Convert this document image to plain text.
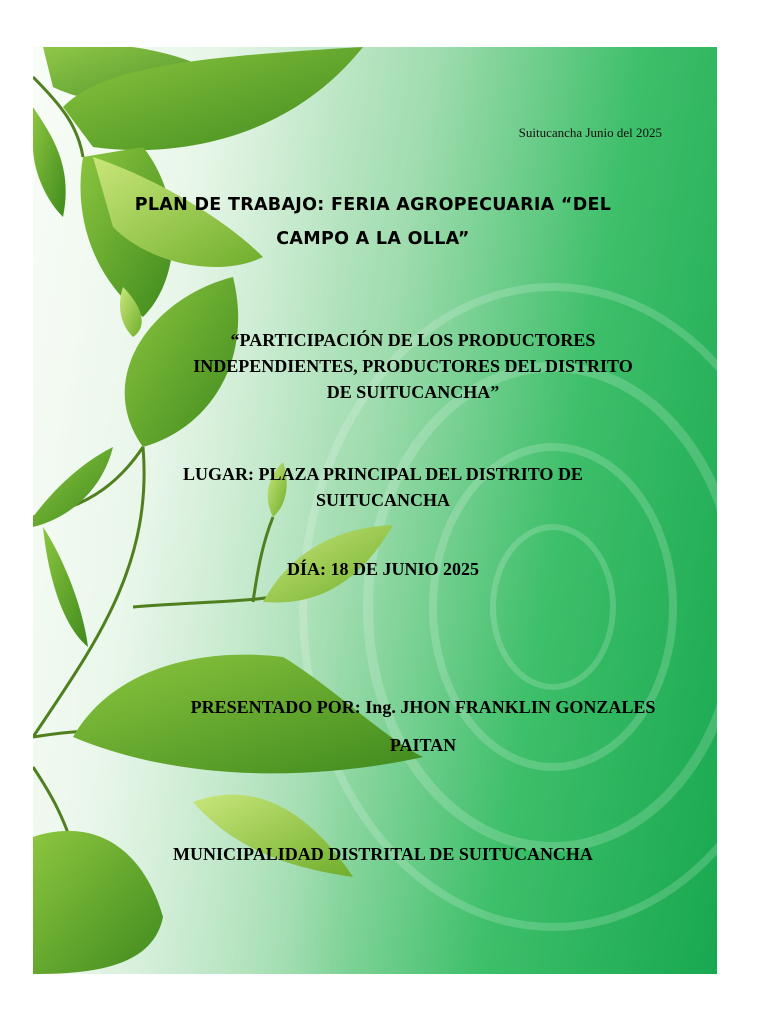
Suitucancha Junio del 2025
PLAN DE TRABAJO: FERIA AGROPECUARIA “DEL
CAMPO A LA OLLA”
“PARTICIPACIÓN DE LOS PRODUCTORES
INDEPENDIENTES, PRODUCTORES DEL DISTRITO
DE SUITUCANCHA”
LUGAR: PLAZA PRINCIPAL DEL DISTRITO DE
SUITUCANCHA
DÍA: 18 DE JUNIO 2025
PRESENTADO POR: Ing. JHON FRANKLIN GONZALES
PAITAN
MUNICIPALIDAD DISTRITAL DE SUITUCANCHA
